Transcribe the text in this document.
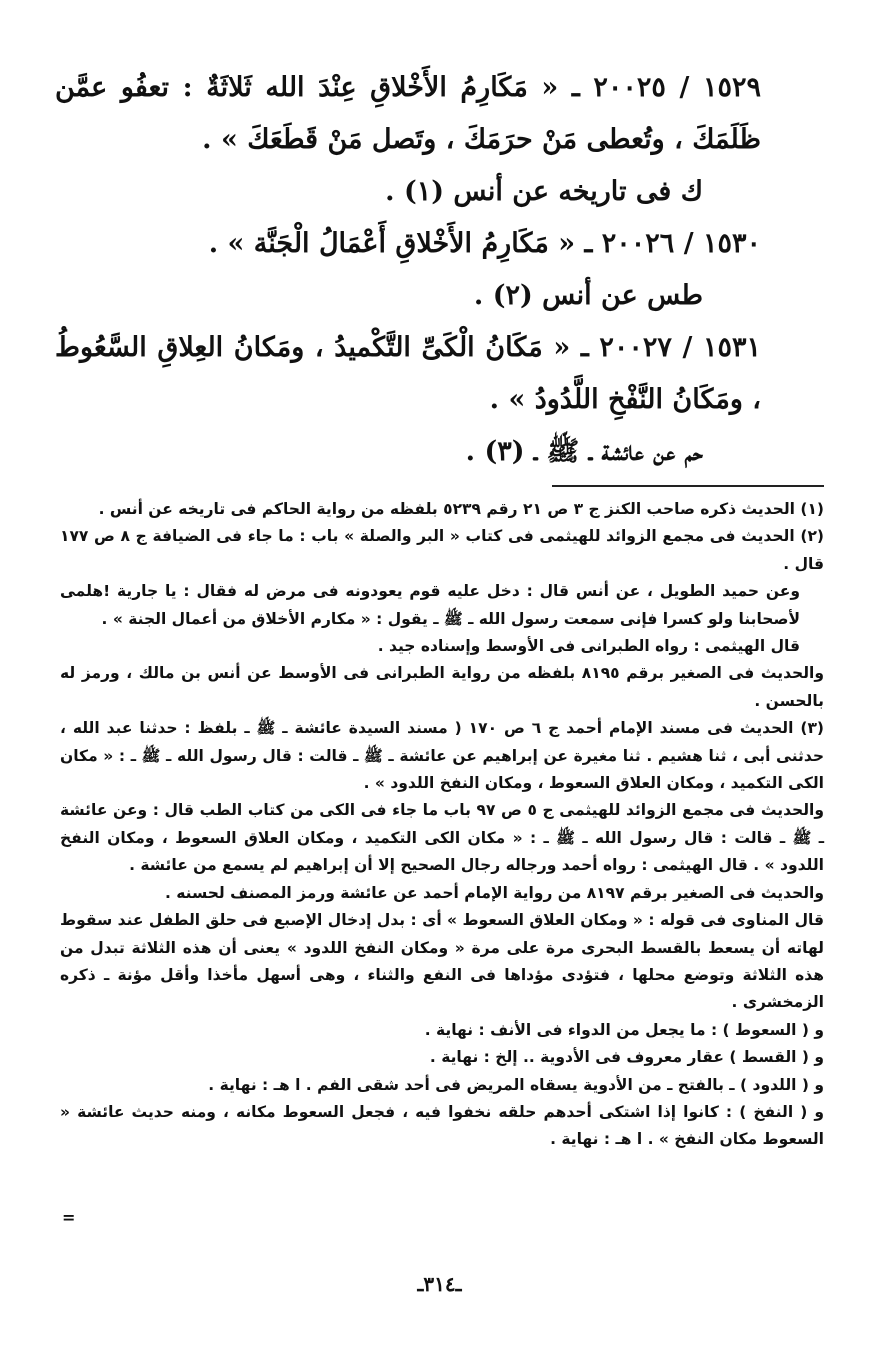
١٥٢٩ / ٢٠٠٢٥ ـ « مَكَارِمُ الأَخْلاقِ عِنْدَ الله ثَلاثَةٌ : تعفُو عمَّن ظَلَمَكَ ، وتُعطى مَنْ حرَمَكَ ، وتَصل مَنْ قَطَعَكَ » .

ك فى تاريخه عن أنس (١) .

١٥٣٠ / ٢٠٠٢٦ ـ « مَكَارِمُ الأَخْلاقِ أَعْمَالُ الْجَنَّة » .

طس عن أنس (٢) .

١٥٣١ / ٢٠٠٢٧ ـ « مَكَانُ الْكَىِّ التَّكْميدُ ، ومَكانُ العِلاقِ السَّعُوطُ ، ومَكَانُ النَّفْخِ اللَّدُودُ » .

حم عن عائشة ـ ﷺ ـ (٣) .

(١) الحديث ذكره صاحب الكنز ج ٣ ص ٢١ رقم ٥٢٣٩ بلفظه من رواية الحاكم فى تاريخه عن أنس .

(٢) الحديث فى مجمع الزوائد للهيثمى فى كتاب « البر والصلة » باب : ما جاء فى الضيافة ج ٨ ص ١٧٧ قال .

وعن حميد الطويل ، عن أنس قال : دخل عليه قوم يعودونه فى مرض له فقال : يا جارية !هلمى لأصحابنا ولو كسرا فإنى سمعت رسول الله ـ ﷺ ـ يقول : « مكارم الأخلاق من أعمال الجنة » .

قال الهيثمى : رواه الطبرانى فى الأوسط وإسناده جيد .

والحديث فى الصغير برقم ٨١٩٥ بلفظه من رواية الطبرانى فى الأوسط عن أنس بن مالك ، ورمز له بالحسن .

(٣) الحديث فى مسند الإمام أحمد ج ٦ ص ١٧٠ ( مسند السيدة عائشة ـ ﷺ ـ بلفظ : حدثنا عبد الله ، حدثنى أبى ، ثنا هشيم . ثنا مغيرة عن إبراهيم عن عائشة ـ ﷺ ـ قالت : قال رسول الله ـ ﷺ ـ : « مكان الكى التكميد ، ومكان العلاق السعوط ، ومكان النفخ اللدود » .

والحديث فى مجمع الزوائد للهيثمى ج ٥ ص ٩٧ باب ما جاء فى الكى من كتاب الطب قال : وعن عائشة ـ ﷺ ـ قالت : قال رسول الله ـ ﷺ ـ : « مكان الكى التكميد ، ومكان العلاق السعوط ، ومكان النفخ اللدود » . قال الهيثمى : رواه أحمد ورجاله رجال الصحيح إلا أن إبراهيم لم يسمع من عائشة .

والحديث فى الصغير برقم ٨١٩٧ من رواية الإمام أحمد عن عائشة ورمز المصنف لحسنه .

قال المناوى فى قوله : « ومكان العلاق السعوط » أى : بدل إدخال الإصبع فى حلق الطفل عند سقوط لهاته أن يسعط بالقسط البحرى مرة على مرة « ومكان النفخ اللدود » يعنى أن هذه الثلاثة تبدل من هذه الثلاثة وتوضع محلها ، فتؤدى مؤداها فى النفع والثناء ، وهى أسهل مأخذا وأقل مؤنة ـ ذكره الزمخشرى .

و ( السعوط ) : ما يجعل من الدواء فى الأنف : نهاية .

و ( القسط ) عقار معروف فى الأدوية .. إلخ : نهاية .

و ( اللدود ) ـ بالفتح ـ من الأدوية يسقاه المريض فى أحد شقى الفم . ا هـ : نهاية .

و ( النفخ ) : كانوا إذا اشتكى أحدهم حلقه نخفوا فيه ، فجعل السعوط مكانه ، ومنه حديث عائشة « السعوط مكان النفخ » . ا هـ : نهاية .

=
ـ٣١٤ـ
